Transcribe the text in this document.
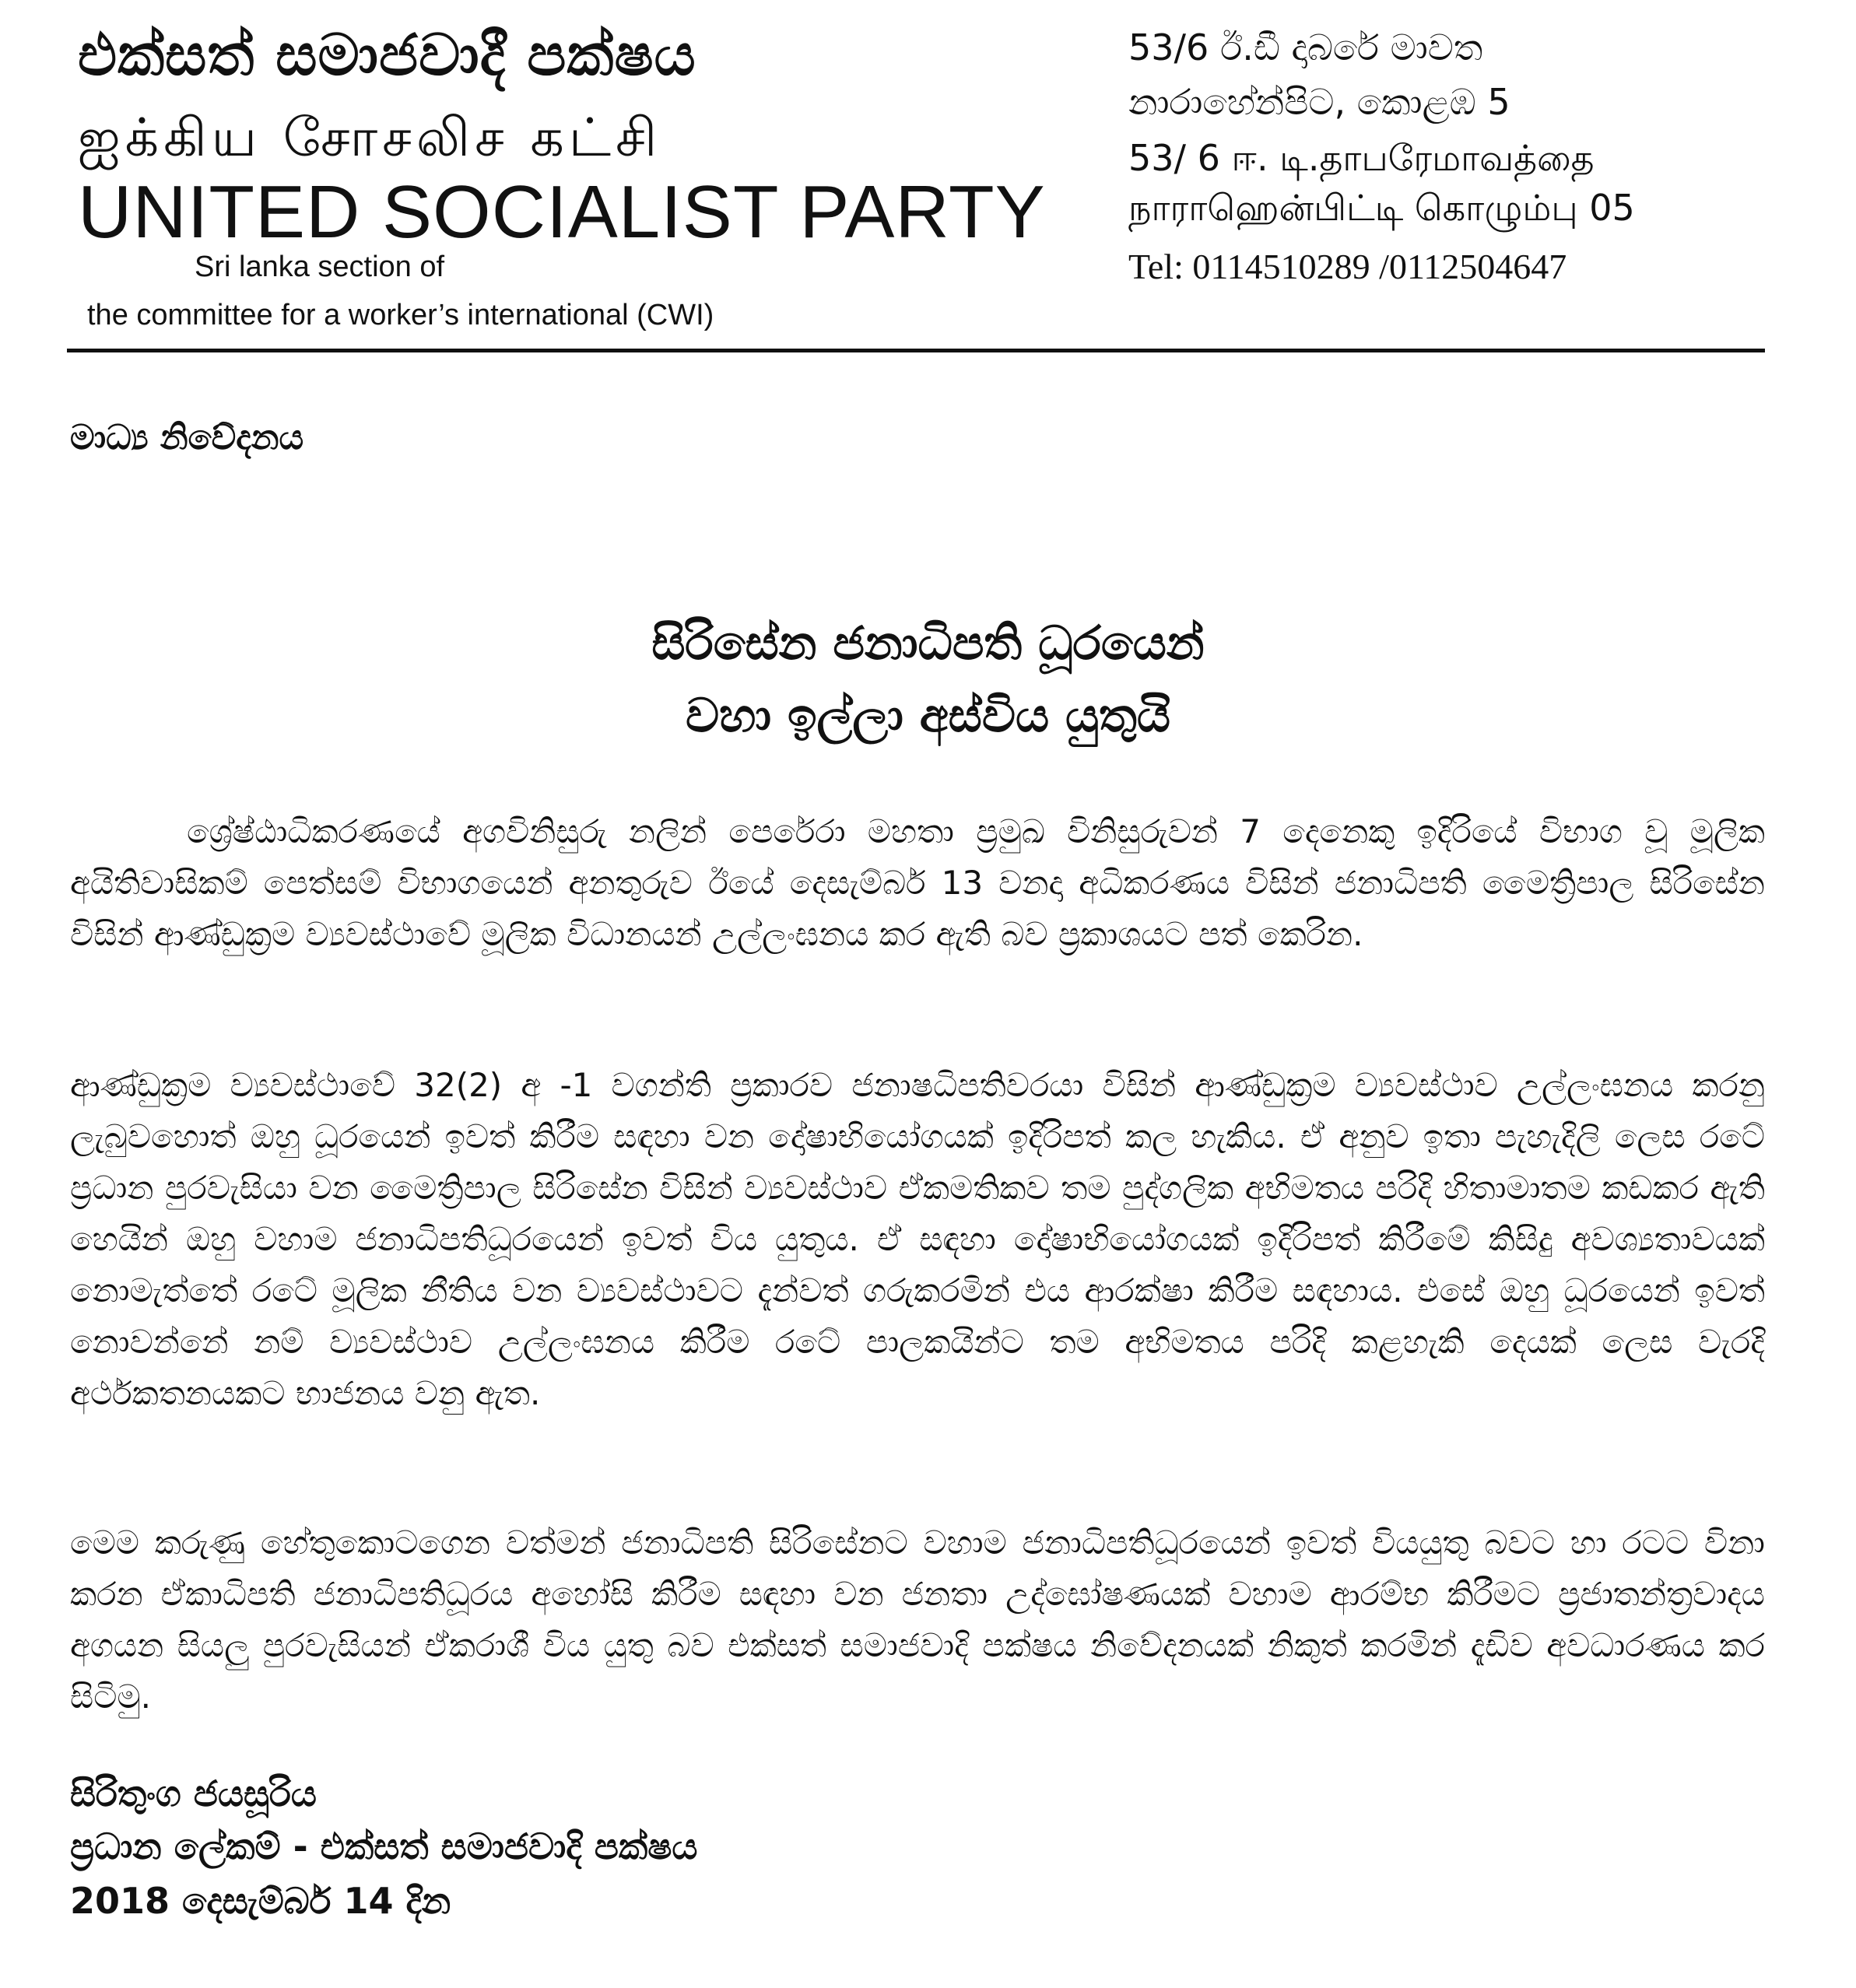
එක්සත් සමාජවාදී පක්ෂය
ஐக்கிய சோசலிச கட்சி
UNITED SOCIALIST PARTY
Sri lanka section of
the committee for a worker’s international (CWI)
53/6 ඊ.ඩී දාබරේ මාවත
නාරාහේන්පිට, කොළඹ 5
53/ 6 ஈ. டி.தாபரேமாவத்தை
நாராஹென்பிட்டி கொழும்பு 05
Tel: 0114510289 /0112504647
මාධ්‍ය නිවේදනය
සිරිසේන ජනාධිපති ධූරයෙන්
වහා ඉල්ලා අස්විය යුතුයි
ශ්‍රේෂ්ඨාධිකරණයේ අගවිනිසුරු නලින් පෙරේරා මහතා ප්‍රමුඛ විනිසුරුවන් 7 දෙනෙකු ඉදිරියේ විභාග වූ මූලික අයිතිවාසිකම් පෙත්සම් විභාගයෙන් අනතුරුව ඊයේ දෙසැම්බර් 13 වනදා අධිකරණය විසින් ජනාධිපති මෛත්‍රිපාල සිරිසේන විසින් ආණ්ඩුක්‍රම ව්‍යවස්ථාවේ මූලික විධානයන් උල්ලංඝනය කර ඇති බව ප්‍රකාශයට පත් කෙරින.
ආණ්ඩුක්‍රම ව්‍යවස්ථාවේ 32(2) අ -1 වගන්ති ප්‍රකාරව ජනාෂධිපතිවරයා විසින් ආණ්ඩුක්‍රම ව්‍යවස්ථාව උල්ලංඝනය කරනු ලැබුවහොත් ඔහු ධූරයෙන් ඉවත් කිරීම සඳහා වන දෝෂාභියෝගයක් ඉදිරිපත් කල හැකිය. ඒ අනුව ඉතා පැහැදිලි ලෙස රටේ ප්‍රධාන පුරවැසියා වන මෛත්‍රිපාල සිරිසේන විසින් ව්‍යවස්ථාව ඒකමතිකව තම පුද්ගලික අභිමතය පරිදි හිතාමාතම කඩකර ඇති හෙයින් ඔහු වහාම ජනාධිපතිධූරයෙන් ඉවත් විය යුතුය. ඒ සඳහා දෝෂාභියෝගයක් ඉදිරිපත් කිරීමේ කිසිදු අවශ්‍යතාවයක් නොමැත්තේ රටේ මූලික නීතිය වන ව්‍යවස්ථාවට දැන්වත් ගරුකරමින් එය ආරක්ෂා කිරීම සඳහාය. එසේ ඔහු ධූරයෙන් ඉවත් නොවන්නේ නම් ව්‍යවස්ථාව උල්ලංඝනය කිරීම රටේ පාලකයින්ට තම අභිමතය පරිදි කළහැකි දෙයක් ලෙස වැරදි අර්ථකතනයකට භාජනය වනු ඇත.
මෙම කරුණු හේතුකොටගෙන වත්මන් ජනාධිපති සිරිසේනට වහාම ජනාධිපතිධූරයෙන් ඉවත් වියයුතු බවට හා රටට විනා කරන ඒකාධිපති ජනාධිපතිධූරය අහෝසි කිරීම සඳහා වන ජනතා උද්ඝෝෂණයක් වහාම ආරම්භ කිරීමට ප්‍රජාතන්ත්‍රවාදය අගයන සියලු පුරවැසියන් ඒකරාශී විය යුතු බව එක්සත් සමාජවාදි පක්ෂය නිවේදනයක් නිකුත් කරමින් දැඩිව අවධාරණය කර සිටිමු.
සිරිතුංග ජයසූරිය
ප්‍රධාන ලේකම් - එක්සත් සමාජවාදි පක්ෂය
2018 දෙසැම්බර් 14 දින
